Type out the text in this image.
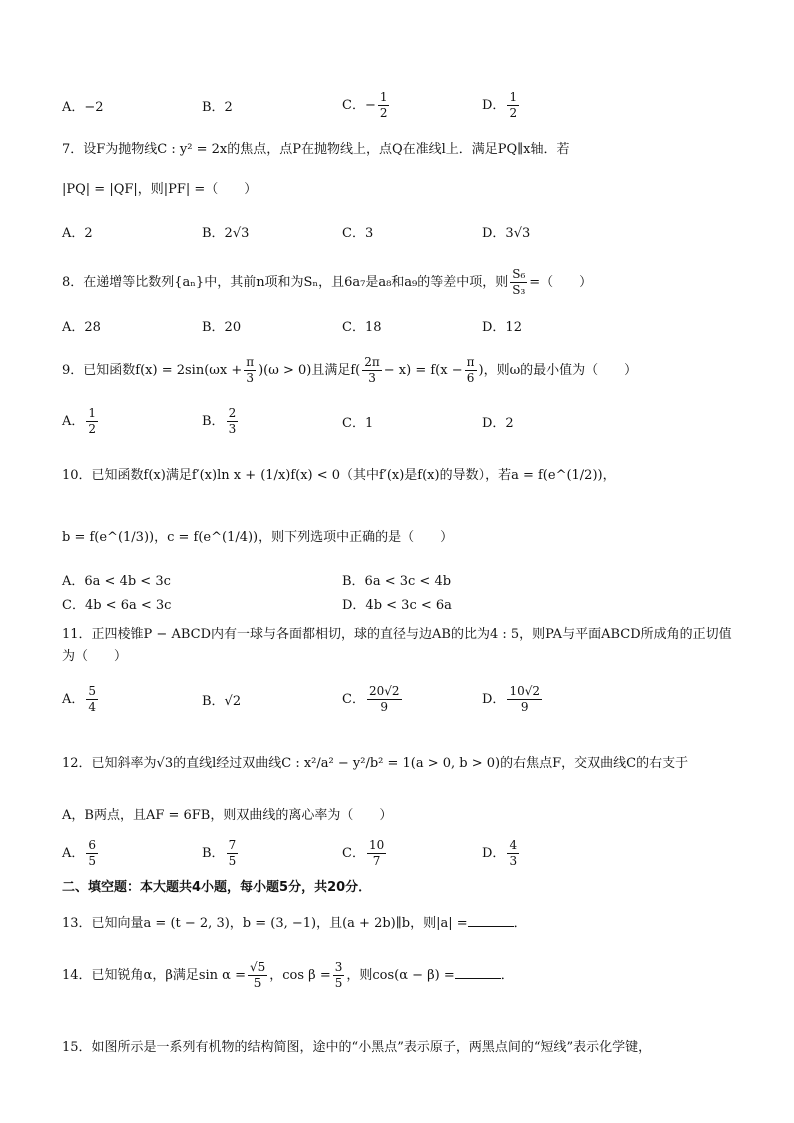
A．−2	B．2	C．− $\frac{1}{2}$	D． $\frac{1}{2}$
7．设F为抛物线C : y² = 2x的焦点，点P在抛物线上，点Q在准线l上．满足PQ∥x轴．若
|PQ| = |QF|，则|PF| =（　　）
A．2	B．2√3	C．3	D．3√3
8．在递增等比数列{aₙ}中，其前n项和为Sₙ，且6a₇是a₈和a₉的等差中项，则 $\frac{\text{S₆}}{\text{S₃}}$ =（　　）
A．28	B．20	C．18	D．12
9．已知函数$f(x) = 2\sin(\omega x + \frac{\pi}{3} )(\omega > 0)$且满足$f( \frac{2\pi}{3} - x) = f(x - \frac{\pi}{6}$ )，则ω的最小值为（　　）
A． $\frac{1}{2}$	B． $\frac{2}{3}$	C．1	D．2
10．已知函数f(x)满足f′(x)ln x + (1/x)f(x) < 0（其中f′(x)是f(x)的导数），若a = f(e^(1/2))，
b = f(e^(1/3))，c = f(e^(1/4))，则下列选项中正确的是（　　）
A．6a < 4b < 3c	B．6a < 3c < 4b
C．4b < 6a < 3c	D．4b < 3c < 6a
11．正四棱锥P − ABCD内有一球与各面都相切，球的直径与边AB的比为4 : 5，则PA与平面ABCD所成角的正切值为（　　）
A． $\frac{5}{4}$	B．√2	C． $\frac{20√2}{9}$	D． $\frac{10√2}{9}$
12．已知斜率为√3的直线l经过双曲线C : x²/a² − y²/b² = 1(a > 0, b > 0)的右焦点F，交双曲线C的右支于
A，B两点，且AF = 6FB，则双曲线的离心率为（　　）
A． $\frac{6}{5}$	B． $\frac{7}{5}$	C． $\frac{10}{7}$	D． $\frac{4}{3}$
二、填空题：本大题共4小题，每小题5分，共20分．
13．已知向量a = (t − 2, 3)，b = (3, −1)，且(a + 2b)∥b，则|a| =	．
14．已知锐角α，β满足$\sin \alpha = \frac{√5}{5}$ ，$\cos \beta = \frac{3}{5}$ ，则cos(α − β) =	．
15．如图所示是一系列有机物的结构简图，途中的“小黑点”表示原子，两黑点间的“短线”表示化学键，
